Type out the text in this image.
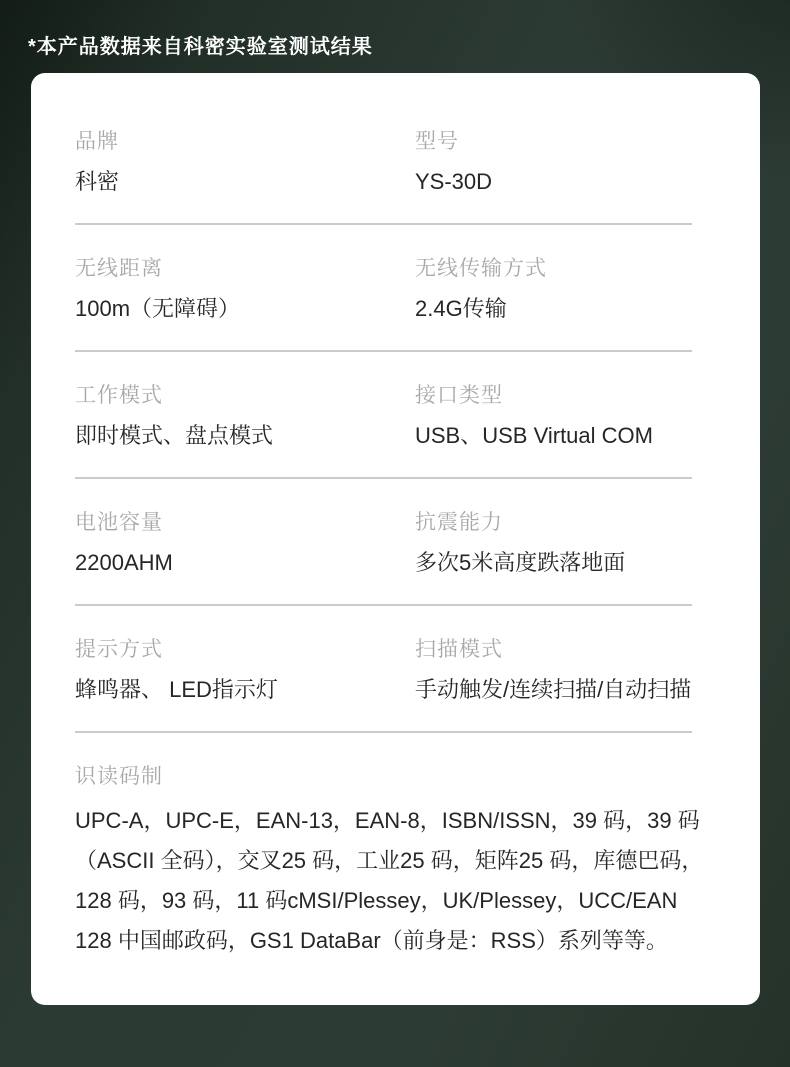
*本产品数据来自科密实验室测试结果
品牌
科密
型号
YS-30D
无线距离
100m（无障碍）
无线传输方式
2.4G传输
工作模式
即时模式、盘点模式
接口类型
USB、USB Virtual COM
电池容量
2200AHM
抗震能力
多次5米高度跌落地面
提示方式
蜂鸣器、 LED指示灯
扫描模式
手动触发/连续扫描/自动扫描
识读码制
UPC-A，UPC-E，EAN-13，EAN-8，ISBN/ISSN，39 码，39 码（ASCII 全码），交叉25 码，工业25 码，矩阵25 码，库德巴码，128 码，93 码，11 码cMSI/Plessey，UK/Plessey，UCC/EAN 128 中国邮政码，GS1 DataBar（前身是：RSS）系列等等。
